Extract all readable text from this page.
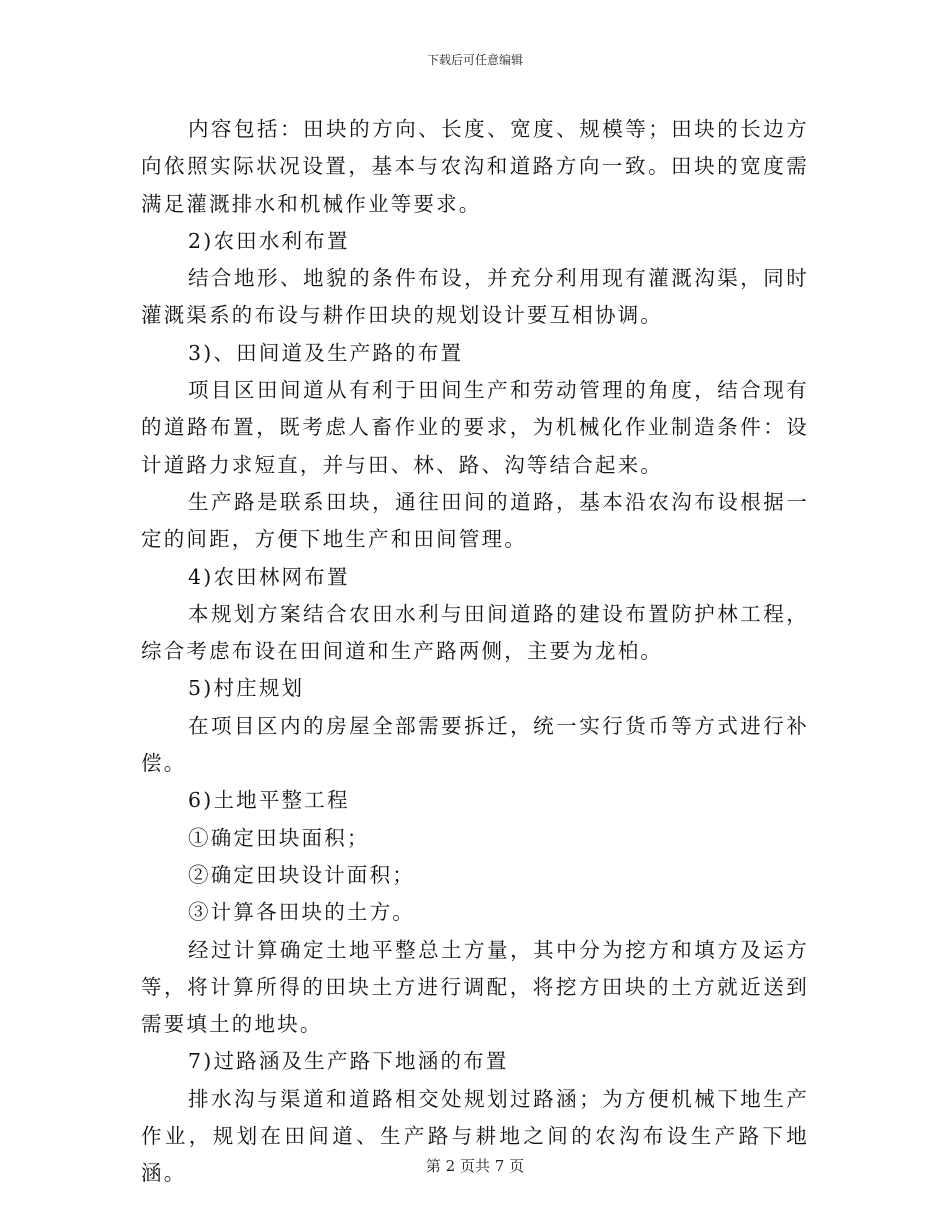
下载后可任意编辑

内容包括：田块的方向、长度、宽度、规模等；田块的长边方向依照实际状况设置，基本与农沟和道路方向一致。田块的宽度需满足灌溉排水和机械作业等要求。

2)农田水利布置

结合地形、地貌的条件布设，并充分利用现有灌溉沟渠，同时灌溉渠系的布设与耕作田块的规划设计要互相协调。

3)、田间道及生产路的布置

项目区田间道从有利于田间生产和劳动管理的角度，结合现有的道路布置，既考虑人畜作业的要求，为机械化作业制造条件：设计道路力求短直，并与田、林、路、沟等结合起来。

生产路是联系田块，通往田间的道路，基本沿农沟布设根据一定的间距，方便下地生产和田间管理。

4)农田林网布置

本规划方案结合农田水利与田间道路的建设布置防护林工程，综合考虑布设在田间道和生产路两侧，主要为龙柏。

5)村庄规划

在项目区内的房屋全部需要拆迁，统一实行货币等方式进行补偿。

6)土地平整工程

①确定田块面积；

②确定田块设计面积；

③计算各田块的土方。

经过计算确定土地平整总土方量，其中分为挖方和填方及运方等，将计算所得的田块土方进行调配，将挖方田块的土方就近送到需要填土的地块。

7)过路涵及生产路下地涵的布置

排水沟与渠道和道路相交处规划过路涵；为方便机械下地生产作业，规划在田间道、生产路与耕地之间的农沟布设生产路下地涵。	第 2 页共 7 页
